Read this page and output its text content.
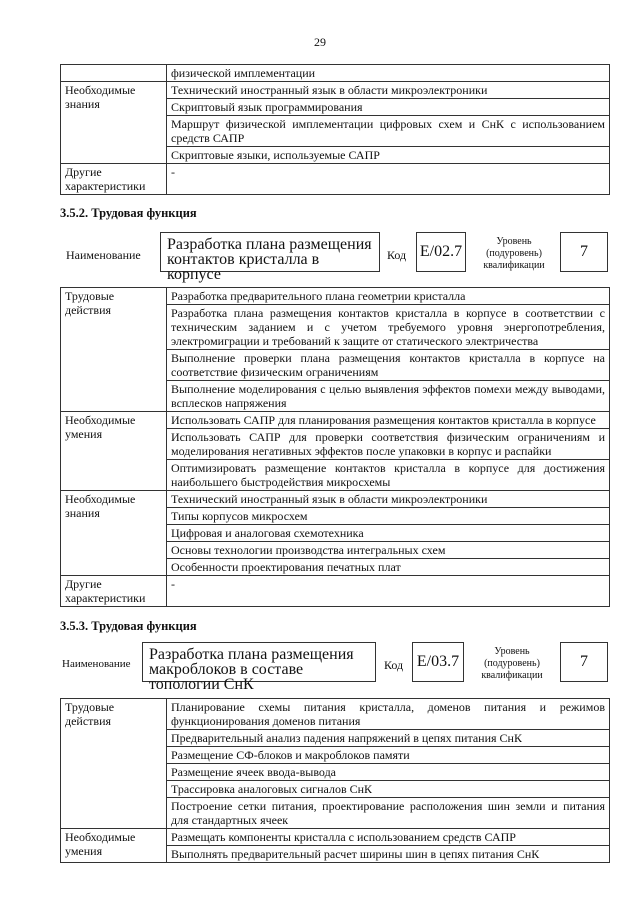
29
	физической имплементации
Необходимые знания	Технический иностранный язык в области микроэлектроники
	Скриптовый язык программирования
	Маршрут физической имплементации цифровых схем и СнК с использованием средств САПР
	Скриптовые языки, используемые САПР
Другие характеристики	-
3.5.2. Трудовая функция
Наименование
Разработка плана размещения контактов кристалла в корпусе
Код E/02.7
Уровень (подуровень) квалификации
7
Трудовые действия	Разработка предварительного плана геометрии кристалла
	Разработка плана размещения контактов кристалла в корпусе в соответствии с техническим заданием и с учетом требуемого уровня энергопотребления, электромиграции и требований к защите от статического электричества
	Выполнение проверки плана размещения контактов кристалла в корпусе на соответствие физическим ограничениям
	Выполнение моделирования с целью выявления эффектов помехи между выводами, всплесков напряжения
Необходимые умения	Использовать САПР для планирования размещения контактов кристалла в корпусе
	Использовать САПР для проверки соответствия физическим ограничениям и моделирования негативных эффектов после упаковки в корпус и распайки
	Оптимизировать размещение контактов кристалла в корпусе для достижения наибольшего быстродействия микросхемы
Необходимые знания	Технический иностранный язык в области микроэлектроники
	Типы корпусов микросхем
	Цифровая и аналоговая схемотехника
	Основы технологии производства интегральных схем
	Особенности проектирования печатных плат
Другие характеристики	-
3.5.3. Трудовая функция
Наименование
Разработка плана размещения макроблоков в составе топологии СнК
Код E/03.7
Уровень (подуровень) квалификации
7
Трудовые действия	Планирование схемы питания кристалла, доменов питания и режимов функционирования доменов питания
	Предварительный анализ падения напряжений в цепях питания СнК
	Размещение СФ-блоков и макроблоков памяти
	Размещение ячеек ввода-вывода
	Трассировка аналоговых сигналов СнК
	Построение сетки питания, проектирование расположения шин земли и питания для стандартных ячеек
Необходимые умения	Размещать компоненты кристалла с использованием средств САПР
	Выполнять предварительный расчет ширины шин в цепях питания СнК
